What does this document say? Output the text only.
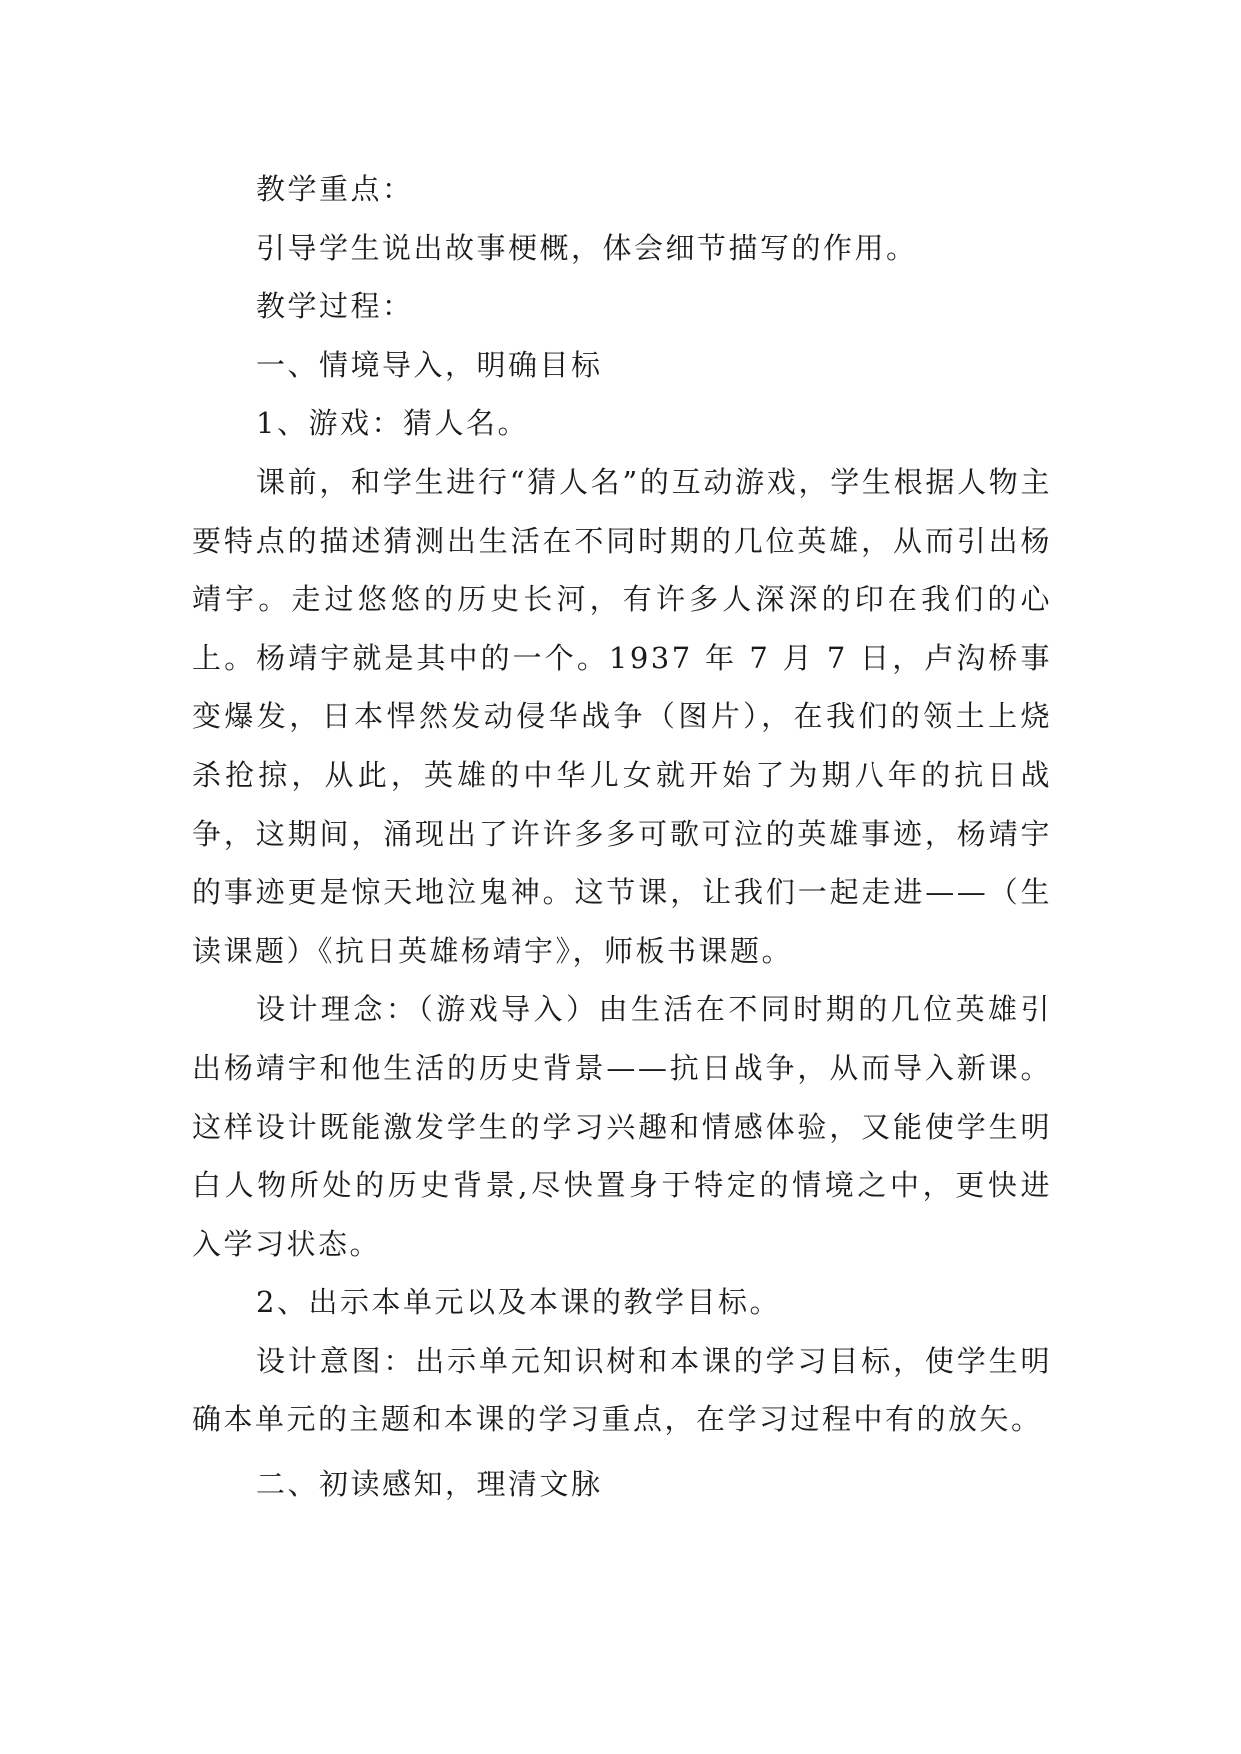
教学重点：

引导学生说出故事梗概，体会细节描写的作用。

教学过程：

一、情境导入，明确目标

1、游戏：猜人名。

课前，和学生进行“猜人名”的互动游戏，学生根据人物主要特点的描述猜测出生活在不同时期的几位英雄，从而引出杨靖宇。走过悠悠的历史长河，有许多人深深的印在我们的心上。杨靖宇就是其中的一个。1937 年 7 月 7 日，卢沟桥事变爆发，日本悍然发动侵华战争（图片），在我们的领土上烧杀抢掠，从此，英雄的中华儿女就开始了为期八年的抗日战争，这期间，涌现出了许许多多可歌可泣的英雄事迹，杨靖宇的事迹更是惊天地泣鬼神。这节课，让我们一起走进——（生读课题）《抗日英雄杨靖宇》，师板书课题。

设计理念：（游戏导入）由生活在不同时期的几位英雄引出杨靖宇和他生活的历史背景——抗日战争，从而导入新课。这样设计既能激发学生的学习兴趣和情感体验，又能使学生明白人物所处的历史背景,尽快置身于特定的情境之中，更快进入学习状态。

2、出示本单元以及本课的教学目标。

设计意图：出示单元知识树和本课的学习目标，使学生明确本单元的主题和本课的学习重点，在学习过程中有的放矢。

二、初读感知，理清文脉
